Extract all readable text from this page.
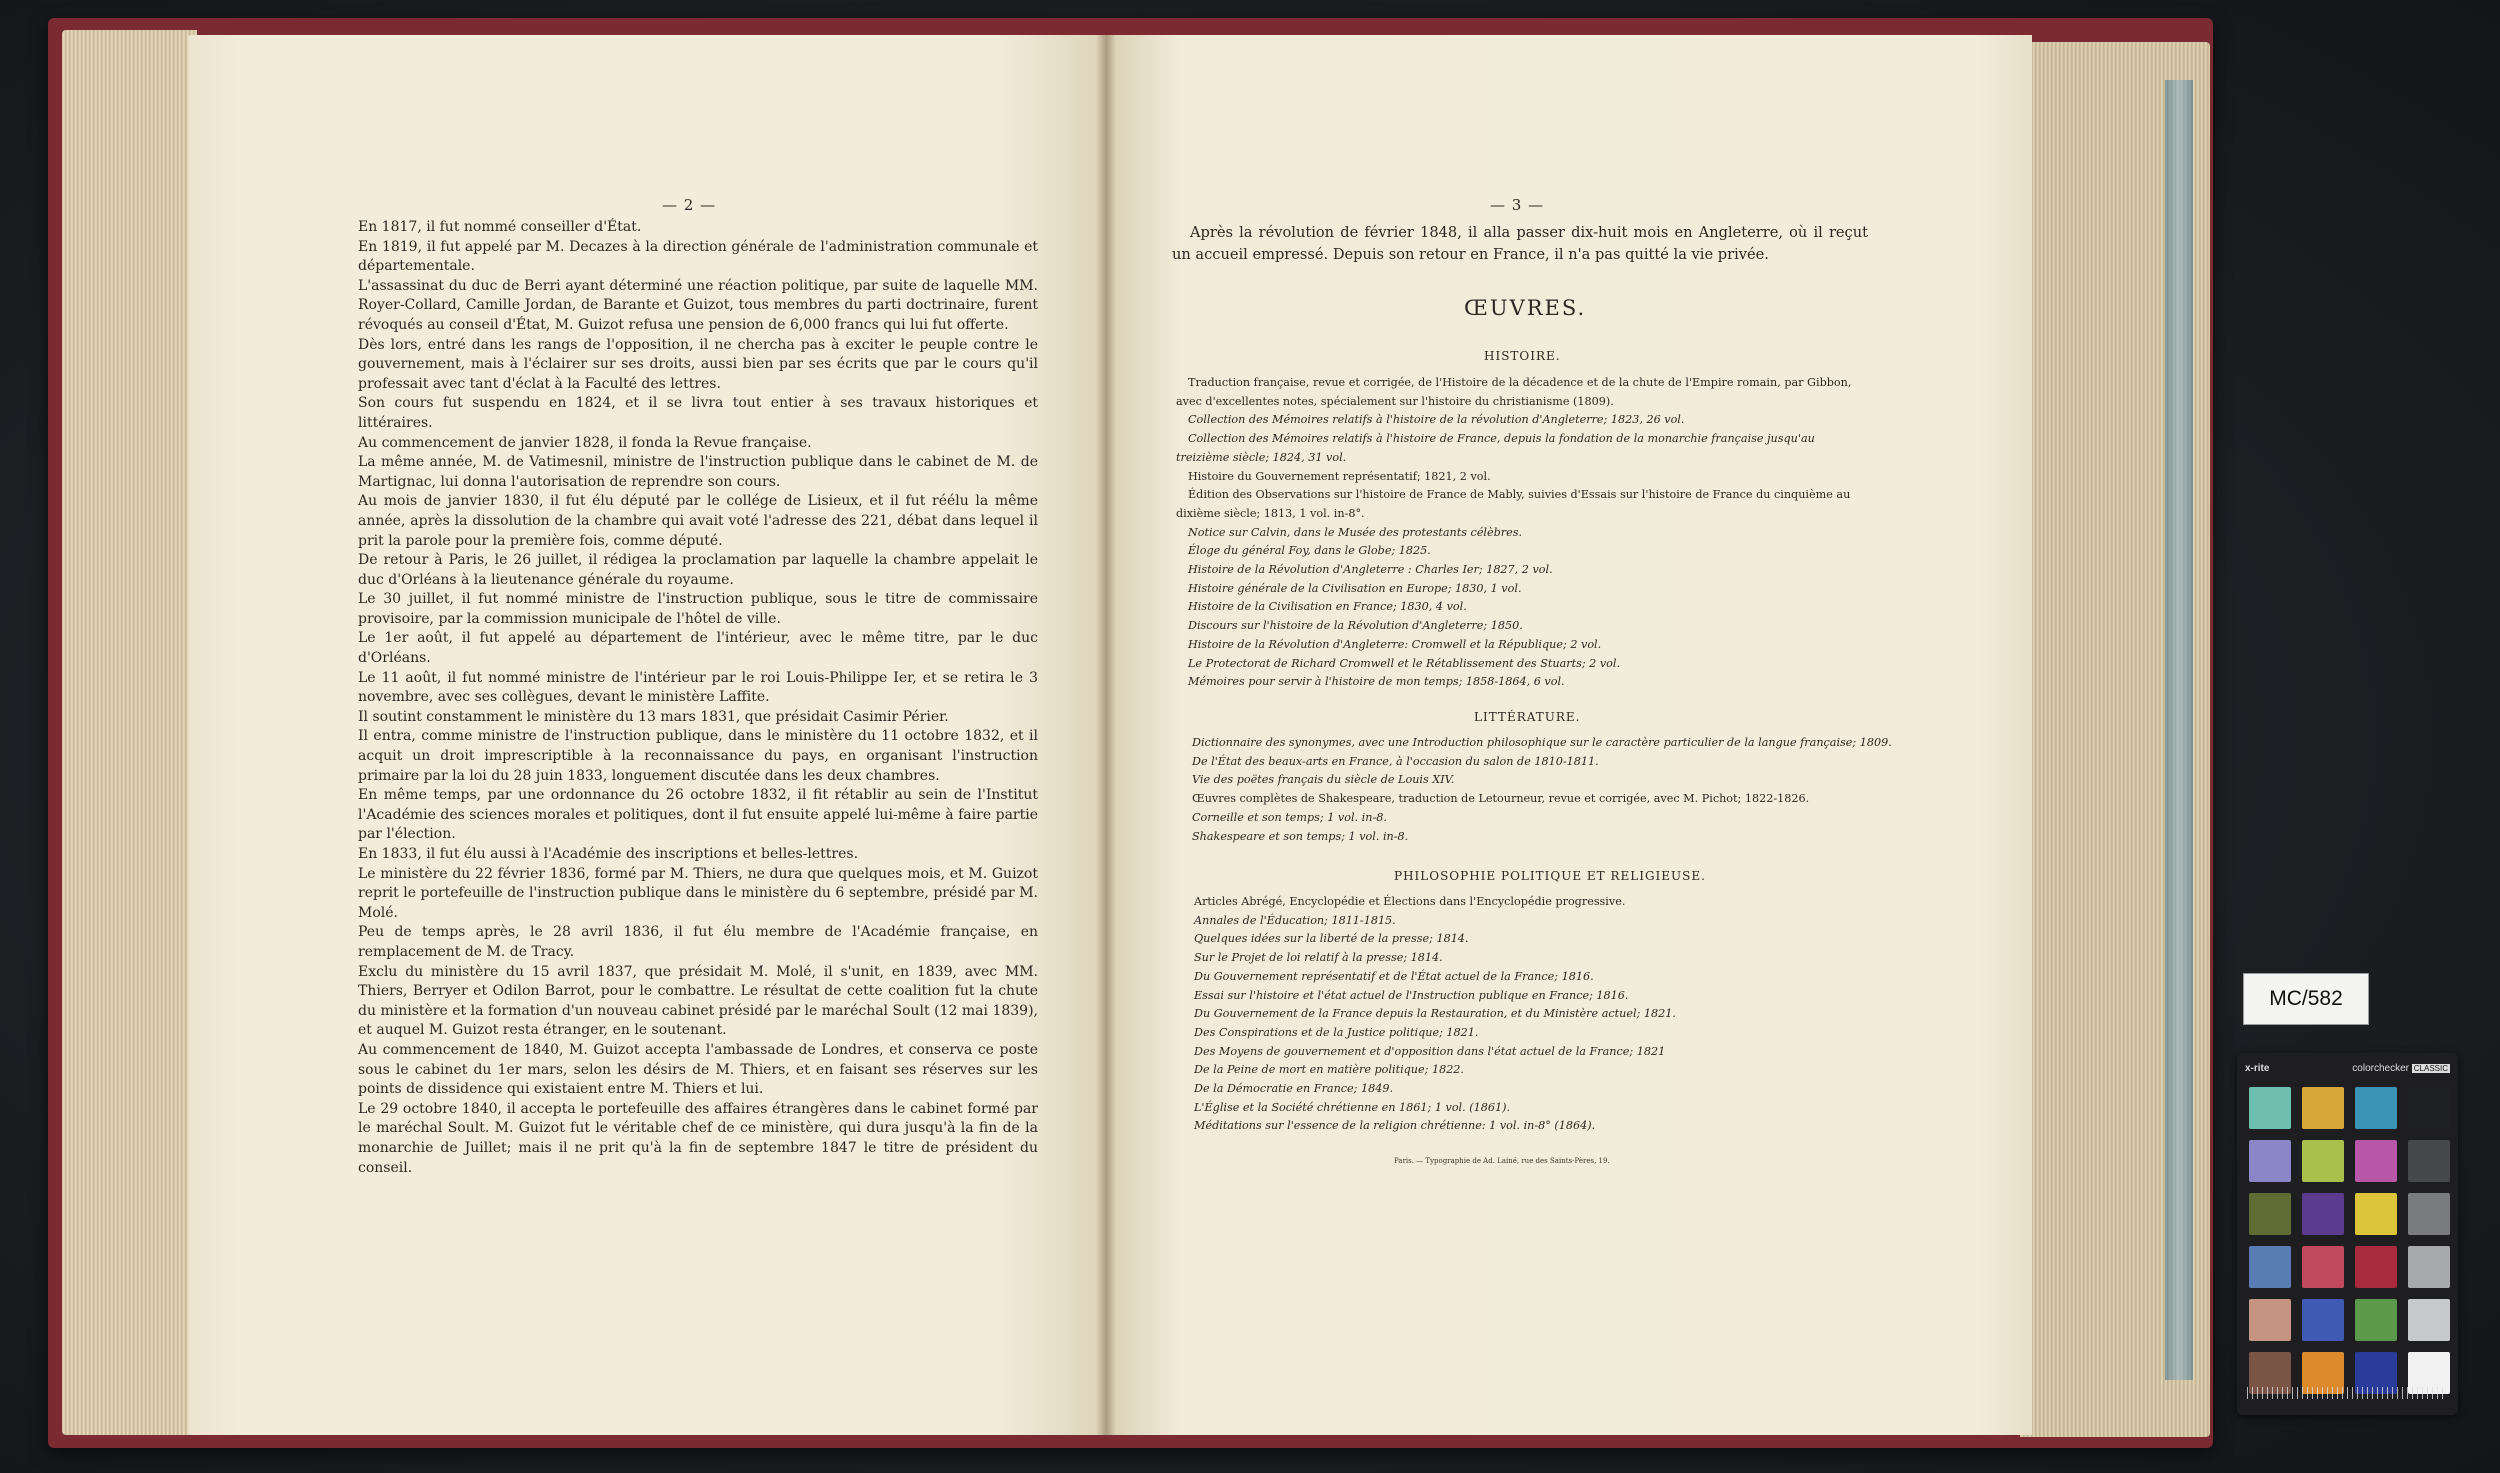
— 2 —

En 1817, il fut nommé conseiller d'État.

En 1819, il fut appelé par M. Decazes à la direction générale de l'administration communale et départementale.

L'assassinat du duc de Berri ayant déterminé une réaction politique, par suite de laquelle MM. Royer-Collard, Camille Jordan, de Barante et Guizot, tous membres du parti doctrinaire, furent révoqués au conseil d'État, M. Guizot refusa une pension de 6,000 francs qui lui fut offerte.

Dès lors, entré dans les rangs de l'opposition, il ne chercha pas à exciter le peuple contre le gouvernement, mais à l'éclairer sur ses droits, aussi bien par ses écrits que par le cours qu'il professait avec tant d'éclat à la Faculté des lettres.

Son cours fut suspendu en 1824, et il se livra tout entier à ses travaux historiques et littéraires.

Au commencement de janvier 1828, il fonda la Revue française.

La même année, M. de Vatimesnil, ministre de l'instruction publique dans le cabinet de M. de Martignac, lui donna l'autorisation de reprendre son cours.

Au mois de janvier 1830, il fut élu député par le collége de Lisieux, et il fut réélu la même année, après la dissolution de la chambre qui avait voté l'adresse des 221, débat dans lequel il prit la parole pour la première fois, comme député.

De retour à Paris, le 26 juillet, il rédigea la proclamation par laquelle la chambre appelait le duc d'Orléans à la lieutenance générale du royaume.

Le 30 juillet, il fut nommé ministre de l'instruction publique, sous le titre de commissaire provisoire, par la commission municipale de l'hôtel de ville.

Le 1er août, il fut appelé au département de l'intérieur, avec le même titre, par le duc d'Orléans.

Le 11 août, il fut nommé ministre de l'intérieur par le roi Louis-Philippe Ier, et se retira le 3 novembre, avec ses collègues, devant le ministère Laffite.

Il soutint constamment le ministère du 13 mars 1831, que présidait Casimir Périer.

Il entra, comme ministre de l'instruction publique, dans le ministère du 11 octobre 1832, et il acquit un droit imprescriptible à la reconnaissance du pays, en organisant l'instruction primaire par la loi du 28 juin 1833, longuement discutée dans les deux chambres.

En même temps, par une ordonnance du 26 octobre 1832, il fit rétablir au sein de l'Institut l'Académie des sciences morales et politiques, dont il fut ensuite appelé lui-même à faire partie par l'élection.

En 1833, il fut élu aussi à l'Académie des inscriptions et belles-lettres.

Le ministère du 22 février 1836, formé par M. Thiers, ne dura que quelques mois, et M. Guizot reprit le portefeuille de l'instruction publique dans le ministère du 6 septembre, présidé par M. Molé.

Peu de temps après, le 28 avril 1836, il fut élu membre de l'Académie française, en remplacement de M. de Tracy.

Exclu du ministère du 15 avril 1837, que présidait M. Molé, il s'unit, en 1839, avec MM. Thiers, Berryer et Odilon Barrot, pour le combattre. Le résultat de cette coalition fut la chute du ministère et la formation d'un nouveau cabinet présidé par le maréchal Soult (12 mai 1839), et auquel M. Guizot resta étranger, en le soutenant.

Au commencement de 1840, M. Guizot accepta l'ambassade de Londres, et conserva ce poste sous le cabinet du 1er mars, selon les désirs de M. Thiers, et en faisant ses réserves sur les points de dissidence qui existaient entre M. Thiers et lui.

Le 29 octobre 1840, il accepta le portefeuille des affaires étrangères dans le cabinet formé par le maréchal Soult. M. Guizot fut le véritable chef de ce ministère, qui dura jusqu'à la fin de la monarchie de Juillet; mais il ne prit qu'à la fin de septembre 1847 le titre de président du conseil.

— 3 —

Après la révolution de février 1848, il alla passer dix-huit mois en Angleterre, où il reçut un accueil empressé. Depuis son retour en France, il n'a pas quitté la vie privée.

ŒUVRES.
HISTOIRE.
Traduction française, revue et corrigée, de l'Histoire de la décadence et de la chute de l'Empire romain, par Gibbon, avec d'excellentes notes, spécialement sur l'histoire du christianisme (1809).
Collection des Mémoires relatifs à l'histoire de la révolution d'Angleterre; 1823, 26 vol.
Collection des Mémoires relatifs à l'histoire de France, depuis la fondation de la monarchie française jusqu'au treizième siècle; 1824, 31 vol.
Histoire du Gouvernement représentatif; 1821, 2 vol.
Édition des Observations sur l'histoire de France de Mably, suivies d'Essais sur l'histoire de France du cinquième au dixième siècle; 1813, 1 vol. in-8°.
Notice sur Calvin, dans le Musée des protestants célèbres.
Éloge du général Foy, dans le Globe; 1825.
Histoire de la Révolution d'Angleterre : Charles Ier; 1827, 2 vol.
Histoire générale de la Civilisation en Europe; 1830, 1 vol.
Histoire de la Civilisation en France; 1830, 4 vol.
Discours sur l'histoire de la Révolution d'Angleterre; 1850.
Histoire de la Révolution d'Angleterre: Cromwell et la République; 2 vol.
Le Protectorat de Richard Cromwell et le Rétablissement des Stuarts; 2 vol.
Mémoires pour servir à l'histoire de mon temps; 1858-1864, 6 vol.
LITTÉRATURE.
Dictionnaire des synonymes, avec une Introduction philosophique sur le caractère particulier de la langue française; 1809.
De l'État des beaux-arts en France, à l'occasion du salon de 1810-1811.
Vie des poëtes français du siècle de Louis XIV.
Œuvres complètes de Shakespeare, traduction de Letourneur, revue et corrigée, avec M. Pichot; 1822-1826.
Corneille et son temps; 1 vol. in-8.
Shakespeare et son temps; 1 vol. in-8.
PHILOSOPHIE POLITIQUE ET RELIGIEUSE.
Articles Abrégé, Encyclopédie et Élections dans l'Encyclopédie progressive.
Annales de l'Éducation; 1811-1815.
Quelques idées sur la liberté de la presse; 1814.
Sur le Projet de loi relatif à la presse; 1814.
Du Gouvernement représentatif et de l'État actuel de la France; 1816.
Essai sur l'histoire et l'état actuel de l'Instruction publique en France; 1816.
Du Gouvernement de la France depuis la Restauration, et du Ministère actuel; 1821.
Des Conspirations et de la Justice politique; 1821.
Des Moyens de gouvernement et d'opposition dans l'état actuel de la France; 1821
De la Peine de mort en matière politique; 1822.
De la Démocratie en France; 1849.
L'Église et la Société chrétienne en 1861; 1 vol. (1861).
Méditations sur l'essence de la religion chrétienne: 1 vol. in-8° (1864).
Paris. — Typographie de Ad. Lainé, rue des Saints-Pères, 19.
MC/582
x-rite	colorchecker CLASSIC
